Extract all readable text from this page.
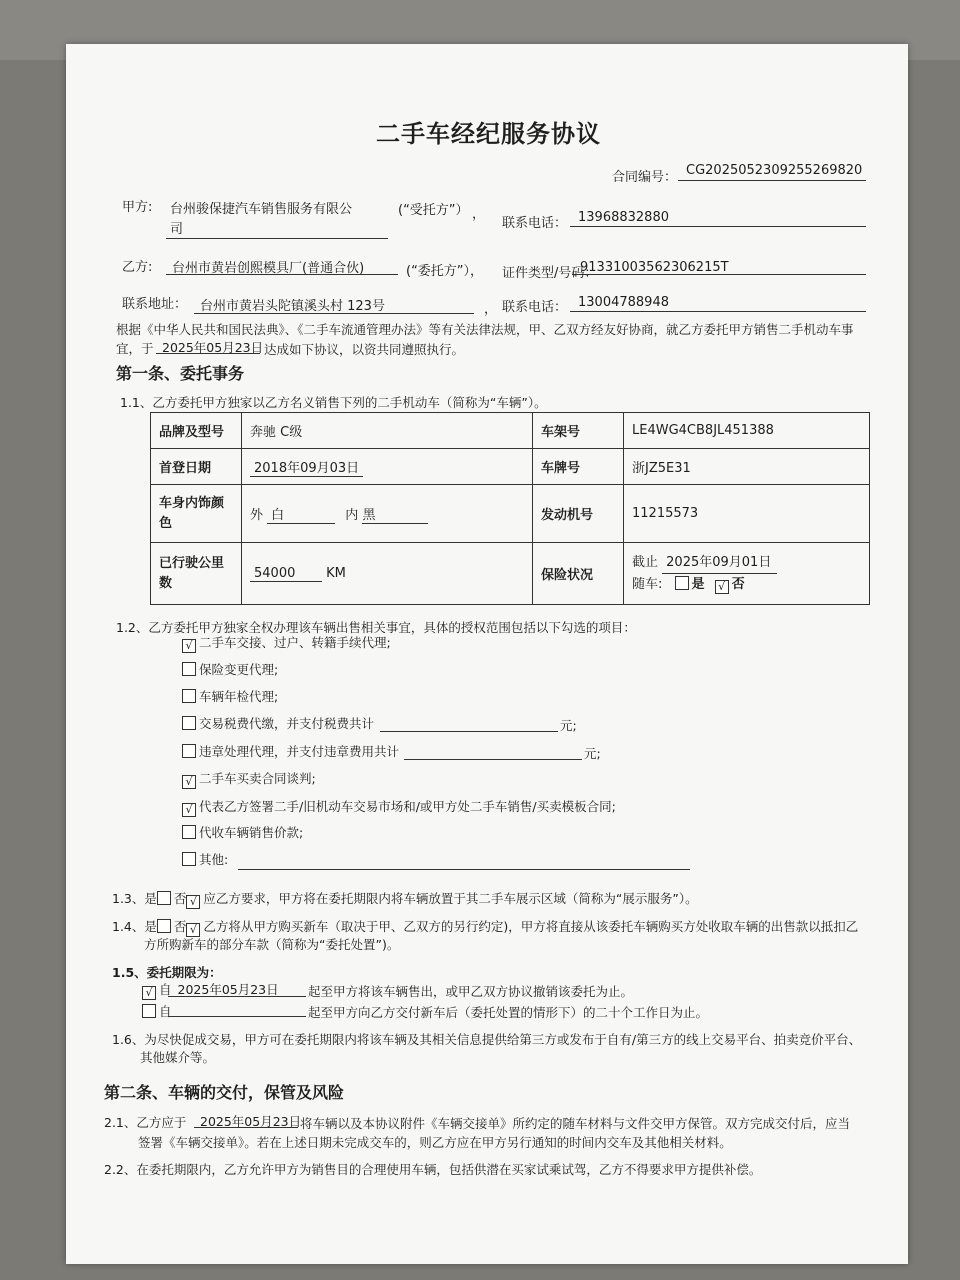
二手车经纪服务协议
合同编号： CG20250523092552​69820
甲方: 台州骏保捷汽车销售服务有限公
司
(“受托方”） ，
联系电话： 13968832880
乙方: 台州市黄岩创熙模具厂(普通合伙)	(“委托方”）， 证件类型/号码：
91331003562306215T
联系地址： 台州市黄岩头陀镇溪头村 123号	， 联系电话： 13004788948
根据《中华人民共和国民法典》、《二手车流通管理办法》等有关法律法规，甲、乙双方经友好协商，就乙方委托甲方销售二手机动车事
宜，于 2025年05月23日 达成如下协议，以资共同遵照执行。
第一条、委托事务
1.1、乙方委托甲方独家以乙方名义销售下列的二手机动车（简称为“车辆”）。
品牌及型号	奔驰 C级	车架号	LE4WG4CB8JL451388
首登日期	2018年09月03日	车牌号	浙JZ5E31
车身内饰颜色	外 白 内 黑	发动机号	11215573
已行驶公里数	54000 KM	保险状况	截止 2025年09月01日
随车: 是 √ 否
1.2、乙方委托甲方独家全权办理该车辆出售相关事宜，具体的授权范围包括以下勾选的项目：
√ 二手车交接、过户、转籍手续代理;
保险变更代理;
车辆年检代理;
交易税费代缴，并支付税费共计	元;
违章处理代理，并支付违章费用共计	元;
√ 二手车买卖合同谈判;
√ 代表乙方签署二手/旧机动车交易市场和/或甲方处二手车销售/买卖模板合同;
代收车辆销售价款;
其他:
1.3、是 否 √ 应乙方要求，甲方将在委托期限内将车辆放置于其二手车展示区域（简称为“展示服务”）。
1.4、是 否 √ 乙方将从甲方购买新车（取决于甲、乙双方的另行约定)，甲方将直接从该委托车辆购买方处收取车辆的出售款以抵扣乙
方所购新车的部分车款（简称为“委托处置”)。
1.5、委托期限为：
√ 自 2025年05月23日 起至甲方将该车辆售出，或甲乙双方协议撤销该委托为止。
自	起至甲方向乙方交付新车后（委托处置的情形下）的二十个工作日为止。
1.6、为尽快促成交易，甲方可在委托期限内将该车辆及其相关信息提供给第三方或发布于自有/第三方的线上交易平台、拍卖竞价平台、
其他媒介等。
第二条、车辆的交付，保管及风险
2.1、乙方应于 2025年05月23日
将车辆以及本协议附件《车辆交接单》所约定的随车材料与文件交甲方保管。双方完成交付后，应当
签署《车辆交接单》。若在上述日期未完成交车的，则乙方应在甲方另行通知的时间内交车及其他相关材料。
2.2、在委托期限内，乙方允许甲方为销售目的合理使用车辆，包括供潜在买家试乘试驾，乙方不得要求甲方提供补偿。
